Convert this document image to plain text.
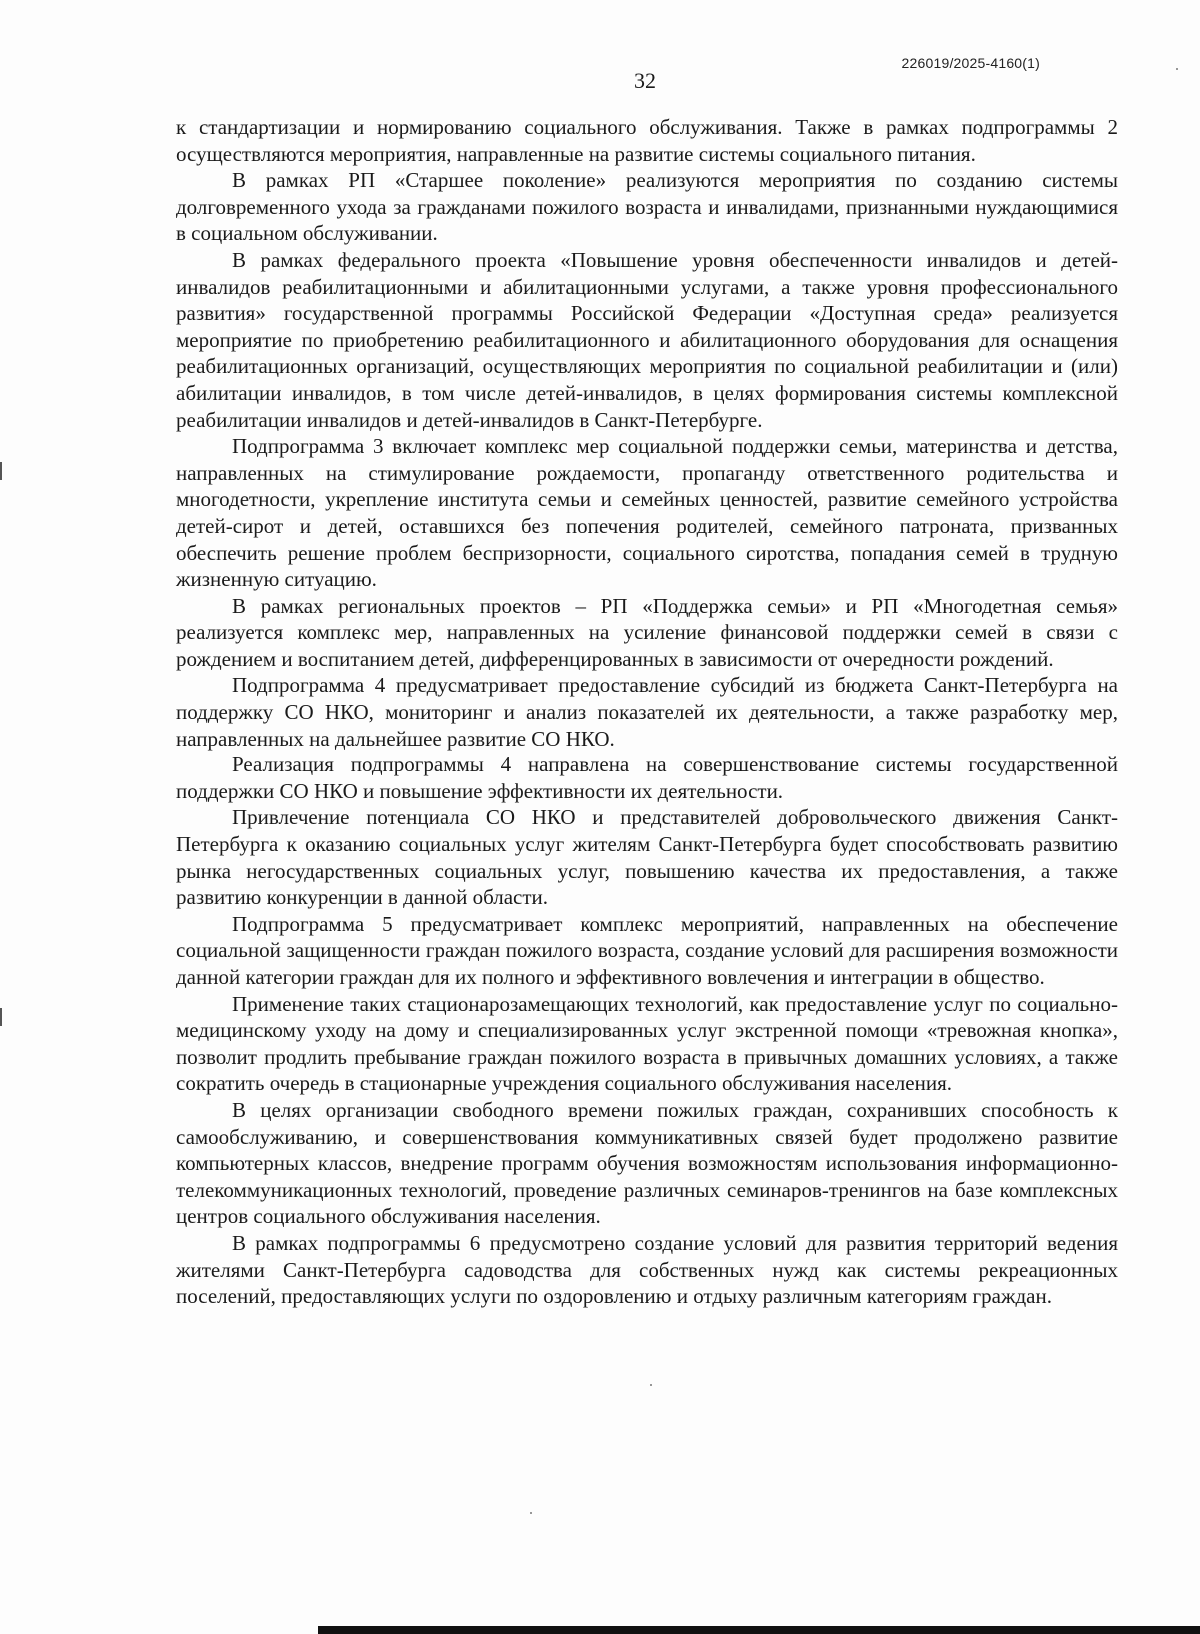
226019/2025-4160(1)
32

к стандартизации и нормированию социального обслуживания. Также в рамках подпрограммы 2 осуществляются мероприятия, направленные на развитие системы социального питания.

В рамках РП «Старшее поколение» реализуются мероприятия по созданию системы долговременного ухода за гражданами пожилого возраста и инвалидами, признанными нуждающимися в социальном обслуживании.

В рамках федерального проекта «Повышение уровня обеспеченности инвалидов и детей-инвалидов реабилитационными и абилитационными услугами, а также уровня профессионального развития» государственной программы Российской Федерации «Доступная среда» реализуется мероприятие по приобретению реабилитационного и абилитационного оборудования для оснащения реабилитационных организаций, осуществляющих мероприятия по социальной реабилитации и (или) абилитации инвалидов, в том числе детей-инвалидов, в целях формирования системы комплексной реабилитации инвалидов и детей-инвалидов в Санкт-Петербурге.

Подпрограмма 3 включает комплекс мер социальной поддержки семьи, материнства и детства, направленных на стимулирование рождаемости, пропаганду ответственного родительства и многодетности, укрепление института семьи и семейных ценностей, развитие семейного устройства детей-сирот и детей, оставшихся без попечения родителей, семейного патроната, призванных обеспечить решение проблем беспризорности, социального сиротства, попадания семей в трудную жизненную ситуацию.

В рамках региональных проектов – РП «Поддержка семьи» и РП «Многодетная семья» реализуется комплекс мер, направленных на усиление финансовой поддержки семей в связи с рождением и воспитанием детей, дифференцированных в зависимости от очередности рождений.

Подпрограмма 4 предусматривает предоставление субсидий из бюджета Санкт-Петербурга на поддержку СО НКО, мониторинг и анализ показателей их деятельности, а также разработку мер, направленных на дальнейшее развитие СО НКО.

Реализация подпрограммы 4 направлена на совершенствование системы государственной поддержки СО НКО и повышение эффективности их деятельности.

Привлечение потенциала СО НКО и представителей добровольческого движения Санкт-Петербурга к оказанию социальных услуг жителям Санкт-Петербурга будет способствовать развитию рынка негосударственных социальных услуг, повышению качества их предоставления, а также развитию конкуренции в данной области.

Подпрограмма 5 предусматривает комплекс мероприятий, направленных на обеспечение социальной защищенности граждан пожилого возраста, создание условий для расширения возможности данной категории граждан для их полного и эффективного вовлечения и интеграции в общество.

Применение таких стационарозамещающих технологий, как предоставление услуг по социально-медицинскому уходу на дому и специализированных услуг экстренной помощи «тревожная кнопка», позволит продлить пребывание граждан пожилого возраста в привычных домашних условиях, а также сократить очередь в стационарные учреждения социального обслуживания населения.

В целях организации свободного времени пожилых граждан, сохранивших способность к самообслуживанию, и совершенствования коммуникативных связей будет продолжено развитие компьютерных классов, внедрение программ обучения возможностям использования информационно-телекоммуникационных технологий, проведение различных семинаров-тренингов на базе комплексных центров социального обслуживания населения.

В рамках подпрограммы 6 предусмотрено создание условий для развития территорий ведения жителями Санкт-Петербурга садоводства для собственных нужд как системы рекреационных поселений, предоставляющих услуги по оздоровлению и отдыху различным категориям граждан.
